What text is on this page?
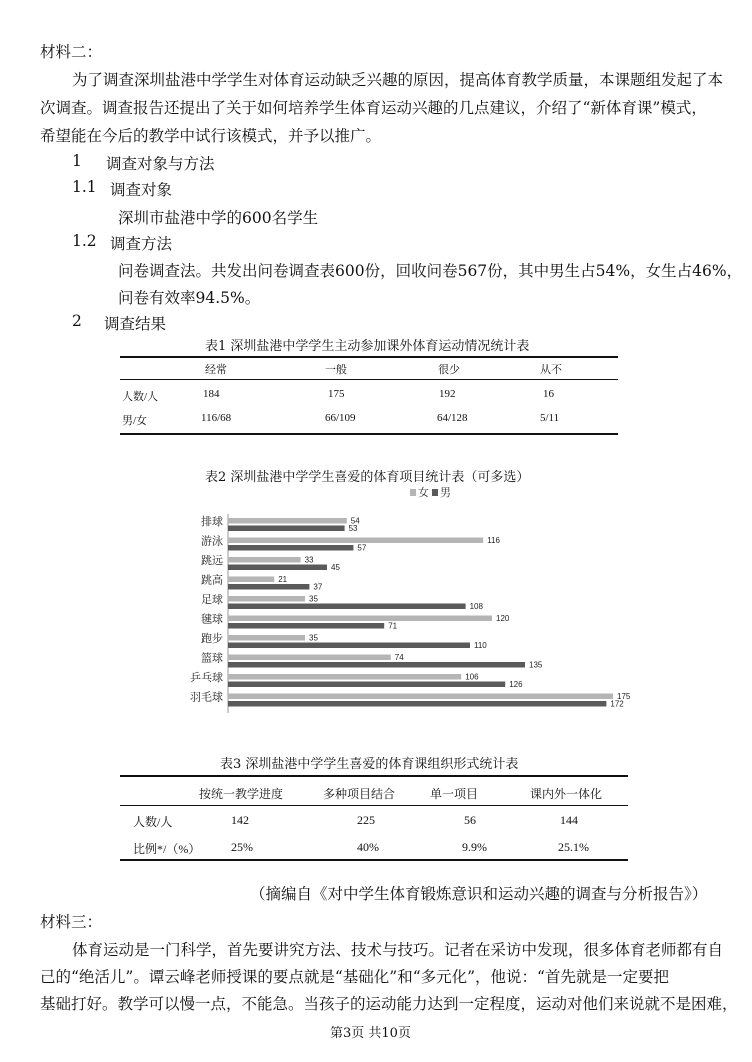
材料二：
为了调查深圳盐港中学学生对体育运动缺乏兴趣的原因，提高体育教学质量，本课题组发起了本
次调查。调查报告还提出了关于如何培养学生体育运动兴趣的几点建议，介绍了“新体育课”模式，
希望能在今后的教学中试行该模式，并予以推广。
1 调查对象与方法
1.1 调查对象
深圳市盐港中学的600名学生
1.2 调查方法
问卷调查法。共发出问卷调查表600份，回收问卷567份，其中男生占54%，女生占46%，
问卷有效率94.5%。
2 调查结果
表1 深圳盐港中学学生主动参加课外体育运动情况统计表
经常	一般	很少	从不
人数/人	184	175	192	16
男/女	116/68	66/109	64/128	5/11
表2 深圳盐港中学学生喜爱的体育项目统计表（可多选）
女 男
排球	54
53
游泳	116
57
跳远	33
45
跳高	21
37
足球	35
108
毽球	120
71
跑步	35
110
篮球	74
135
乒乓球	106
126
羽毛球	175
172
表3 深圳盐港中学学生喜爱的体育课组织形式统计表
按统一教学进度	多种项目结合	单一项目	课内外一体化
人数/人	142	225	56	144
比例*/（%）	25%	40%	9.9%	25.1%
（摘编自《对中学生体育锻炼意识和运动兴趣的调查与分析报告》）
材料三：
体育运动是一门科学，首先要讲究方法、技术与技巧。记者在采访中发现，很多体育老师都有自
己的“绝活儿”。谭云峰老师授课的要点就是“基础化”和“多元化”，他说：“首先就是一定要把
基础打好。教学可以慢一点，不能急。当孩子的运动能力达到一定程度，运动对他们来说就不是困难，
第3页 共10页
